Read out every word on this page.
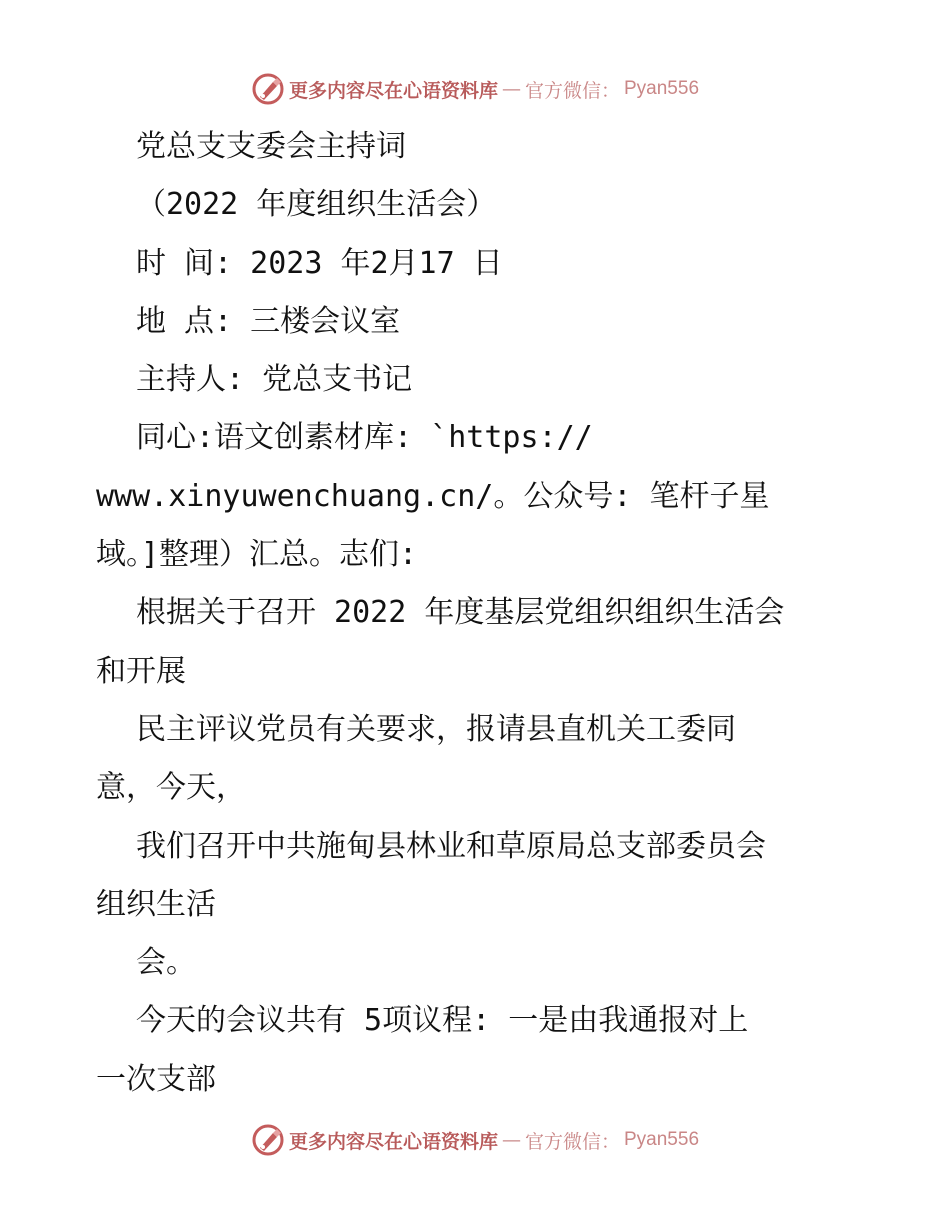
更多内容尽在心语资料库 — 官方微信： Pyan556
党总支支委会主持词
（2022 年度组织生活会）
时 间: 2023 年2月17 日
地 点: 三楼会议室
主持人: 党总支书记
同心:语文创素材库: `https://
www.xinyuwenchuang.cn/。公众号: 笔杆子星
域。]整理）汇总。志们:
根据关于召开 2022 年度基层党组织组织生活会
和开展
民主评议党员有关要求，报请县直机关工委同
意，今天，
我们召开中共施甸县林业和草原局总支部委员会
组织生活
会。
今天的会议共有 5项议程: 一是由我通报对上
一次支部
更多内容尽在心语资料库 — 官方微信： Pyan556
